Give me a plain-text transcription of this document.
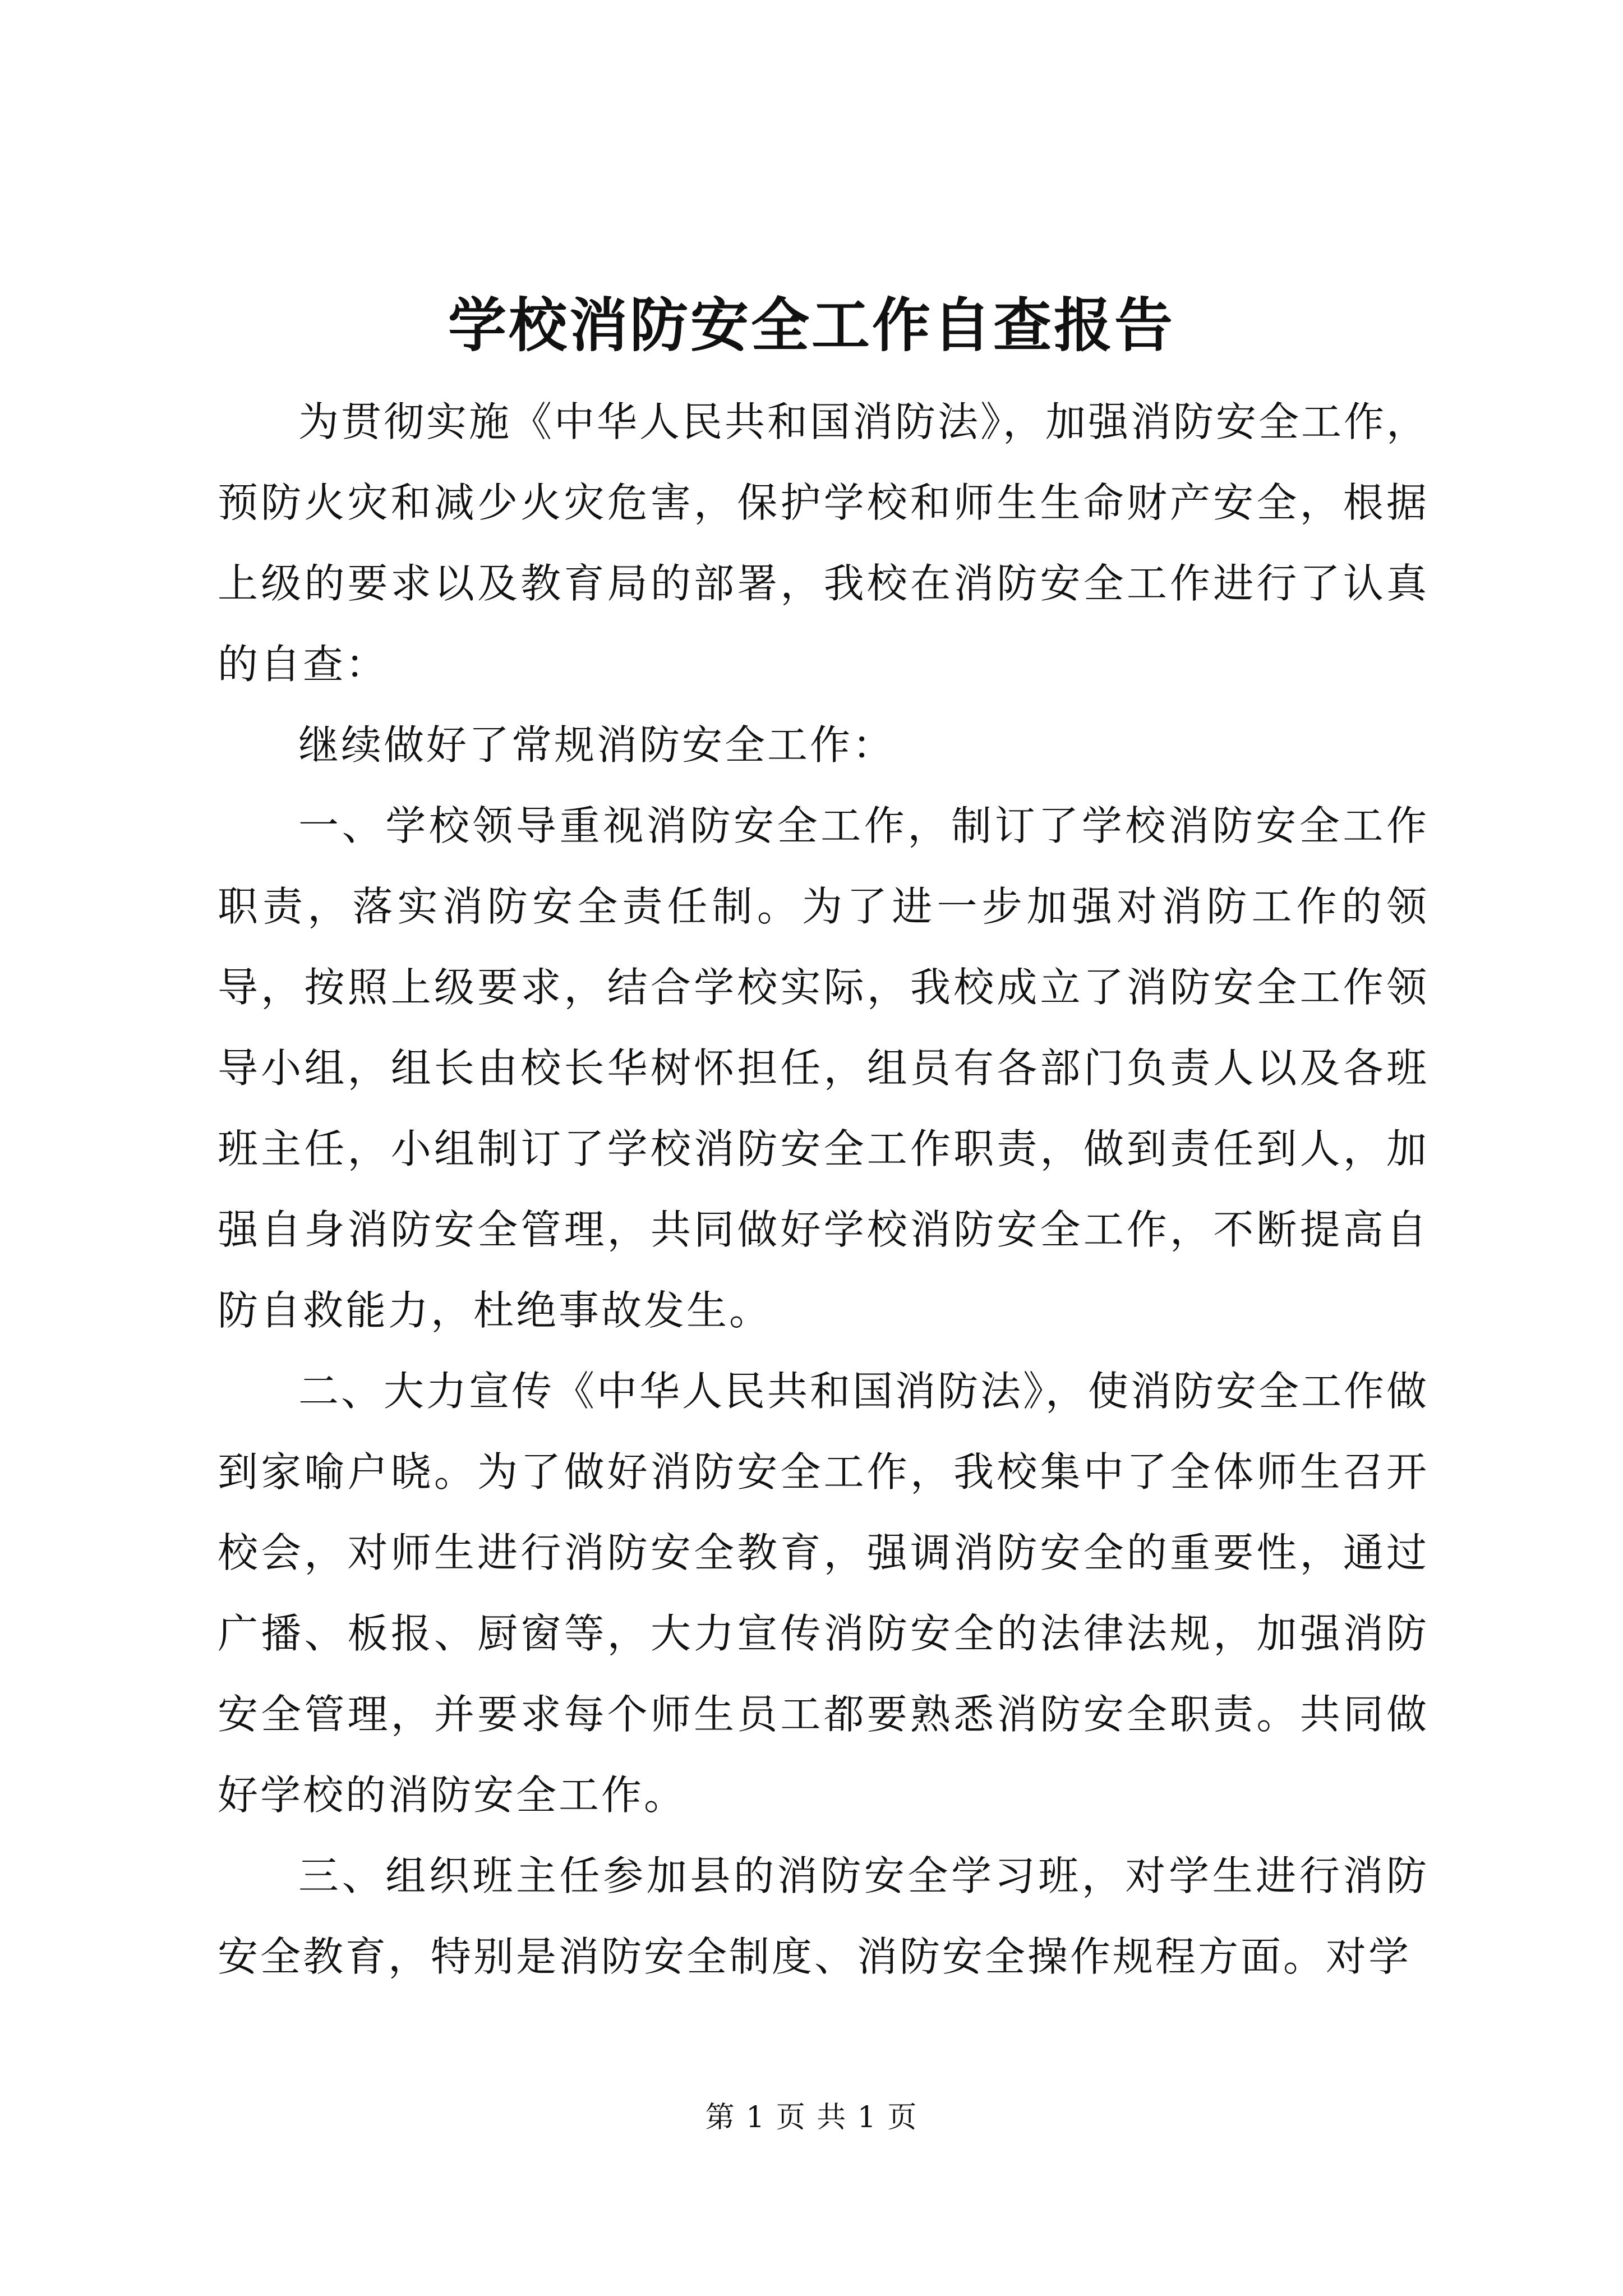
学校消防安全工作自查报告

为贯彻实施《中华人民共和国消防法》，加强消防安全工作，预防火灾和减少火灾危害，保护学校和师生生命财产安全，根据上级的要求以及教育局的部署，我校在消防安全工作进行了认真的自查：

继续做好了常规消防安全工作：

一、学校领导重视消防安全工作，制订了学校消防安全工作职责，落实消防安全责任制。为了进一步加强对消防工作的领导，按照上级要求，结合学校实际，我校成立了消防安全工作领导小组，组长由校长华树怀担任，组员有各部门负责人以及各班班主任，小组制订了学校消防安全工作职责，做到责任到人，加强自身消防安全管理，共同做好学校消防安全工作，不断提高自防自救能力，杜绝事故发生。

二、大力宣传《中华人民共和国消防法》，使消防安全工作做到家喻户晓。为了做好消防安全工作，我校集中了全体师生召开校会，对师生进行消防安全教育，强调消防安全的重要性，通过广播、板报、厨窗等，大力宣传消防安全的法律法规，加强消防安全管理，并要求每个师生员工都要熟悉消防安全职责。共同做好学校的消防安全工作。

三、组织班主任参加县的消防安全学习班，对学生进行消防安全教育，特别是消防安全制度、消防安全操作规程方面。对学

第 1 页 共 1 页
